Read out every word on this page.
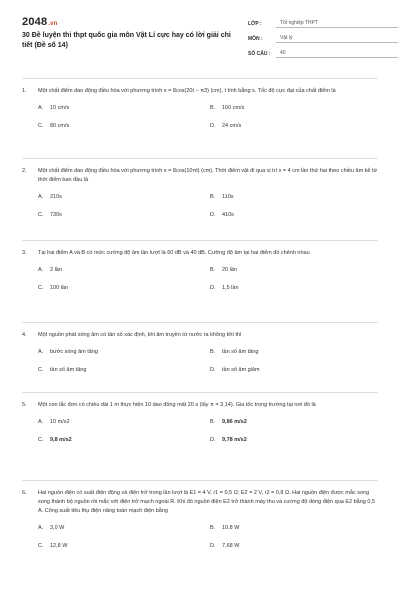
2048.vn
30 Đề luyện thi thpt quốc gia môn Vật Lí cực hay có lời giải chi tiết (Đề số 14)
LỚP :	Tốt nghiệp THPT
MÔN :	Vật lý
SỐ CÂU :	40
1.	Một chất điểm dao động điều hòa với phương trình x = 8cos(20t − π3) (cm), t tính bằng s. Tốc độ cực đại của chất điểm là
A.	10 cm/s	B.	160 cm/s
C.	80 cm/s	D.	24 cm/s
2.	Một chất điểm dao động điều hòa với phương trình x = 8cos(10πt) (cm). Thời điểm vật đi qua vị trí x = 4 cm lần thứ hai theo chiều âm kể từ thời điểm ban đầu là
A.	210s	B.	110s
C.	730s	D.	410s
3.	Tại hai điểm A và B có mức cường độ âm lần lượt là 60 dB và 40 dB. Cường độ âm tại hai điểm đó chênh nhau
A.	2 lần	B.	20 lần
C.	100 lần	D.	1,5 lần
4.	Một nguồn phát sóng âm có tần số xác định, khi âm truyền từ nước ra không khí thì
A.	bước sóng âm tăng	B.	tần số âm tăng
C.	tần số âm tăng	D.	tần số âm giảm
5.	Một con lắc đơn có chiều dài 1 m thực hiện 10 dao động mất 20 s (lấy π = 3,14). Gia tốc trọng trường tại nơi đó là
A.	10 m/s2	B.	9,86 m/s2
C.	9,8 m/s2	D.	9,78 m/s2
6.	Hai nguồn điện có suất điện động và điện trở trong lần lượt là E1 = 4 V, r1 = 0,5 Ω; E2 = 2 V, r2 = 0,8 Ω. Hai nguồn điện được mắc song song thành bộ nguồn rồi mắc với điện trở mạch ngoài R. Khi đó nguồn điện E2 trở thành máy thu và cường độ dòng điện qua E2 bằng 0,5 A. Công suất tiêu thụ điện năng toàn mạch điện bằng
A.	3,0 W	B.	10,8 W
C.	12,8 W	D.	7,68 W
